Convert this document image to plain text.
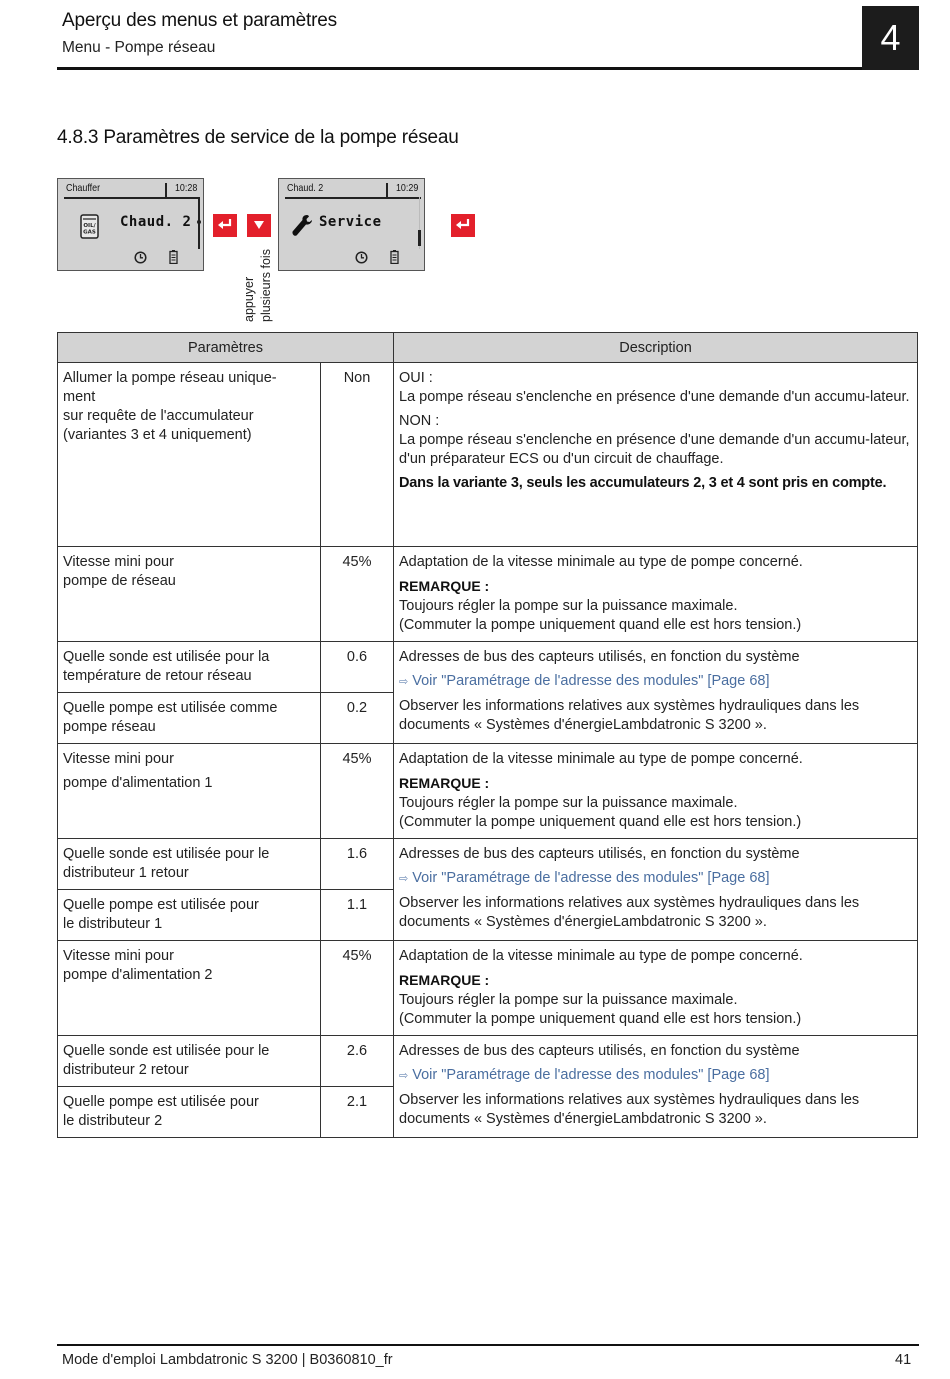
Aperçu des menus et paramètres
Menu - Pompe réseau	4
4.8.3 Paramètres de service de la pompe réseau
Chauffer	10:28
OIL/
GAS
Chaud. 2
appuyer plusieurs fois
Chaud. 2	10:29
Service
Paramètres		Description

Allumer la pompe réseau unique-
ment
sur requête de l'accumulateur
(variantes 3 et 4 uniquement)
	Non	OUI :
La pompe réseau s'enclenche en présence d'une demande d'un accumu-lateur.

NON :
La pompe réseau s'enclenche en présence d'une demande d'un accumu-lateur, d'un préparateur ECS ou d'un circuit de chauffage.

Dans la variante 3, seuls les accumulateurs 2, 3 et 4 sont pris en compte.

Vitesse mini pour
pompe de réseau
	45%	Adaptation de la vitesse minimale au type de pompe concerné.

REMARQUE :
Toujours régler la pompe sur la puissance maximale.
(Commuter la pompe uniquement quand elle est hors tension.)

Quelle sonde est utilisée pour la
température de retour réseau
	0.6	Adresses de bus des capteurs utilisés, en fonction du système

⇨ Voir "Paramétrage de l'adresse des modules" [Page 68]

Observer les informations relatives aux systèmes hydrauliques dans les documents « Systèmes d'énergieLambdatronic S 3200 ».

Quelle pompe est utilisée comme
pompe réseau	0.2	

Vitesse mini pour
pompe d'alimentation 1
	45%	Adaptation de la vitesse minimale au type de pompe concerné.

REMARQUE :
Toujours régler la pompe sur la puissance maximale.
(Commuter la pompe uniquement quand elle est hors tension.)

Quelle sonde est utilisée pour le
distributeur 1 retour
	1.6	Adresses de bus des capteurs utilisés, en fonction du système

⇨ Voir "Paramétrage de l'adresse des modules" [Page 68]

Observer les informations relatives aux systèmes hydrauliques dans les documents « Systèmes d'énergieLambdatronic S 3200 ».

Quelle pompe est utilisée pour
le distributeur 1	1.1	

Vitesse mini pour
pompe d'alimentation 2
	45%	Adaptation de la vitesse minimale au type de pompe concerné.

REMARQUE :
Toujours régler la pompe sur la puissance maximale.
(Commuter la pompe uniquement quand elle est hors tension.)

Quelle sonde est utilisée pour le
distributeur 2 retour
	2.6	Adresses de bus des capteurs utilisés, en fonction du système

⇨ Voir "Paramétrage de l'adresse des modules" [Page 68]

Observer les informations relatives aux systèmes hydrauliques dans les documents « Systèmes d'énergieLambdatronic S 3200 ».

Quelle pompe est utilisée pour
le distributeur 2	2.1	
Mode d'emploi Lambdatronic S 3200 | B0360810_fr	41
